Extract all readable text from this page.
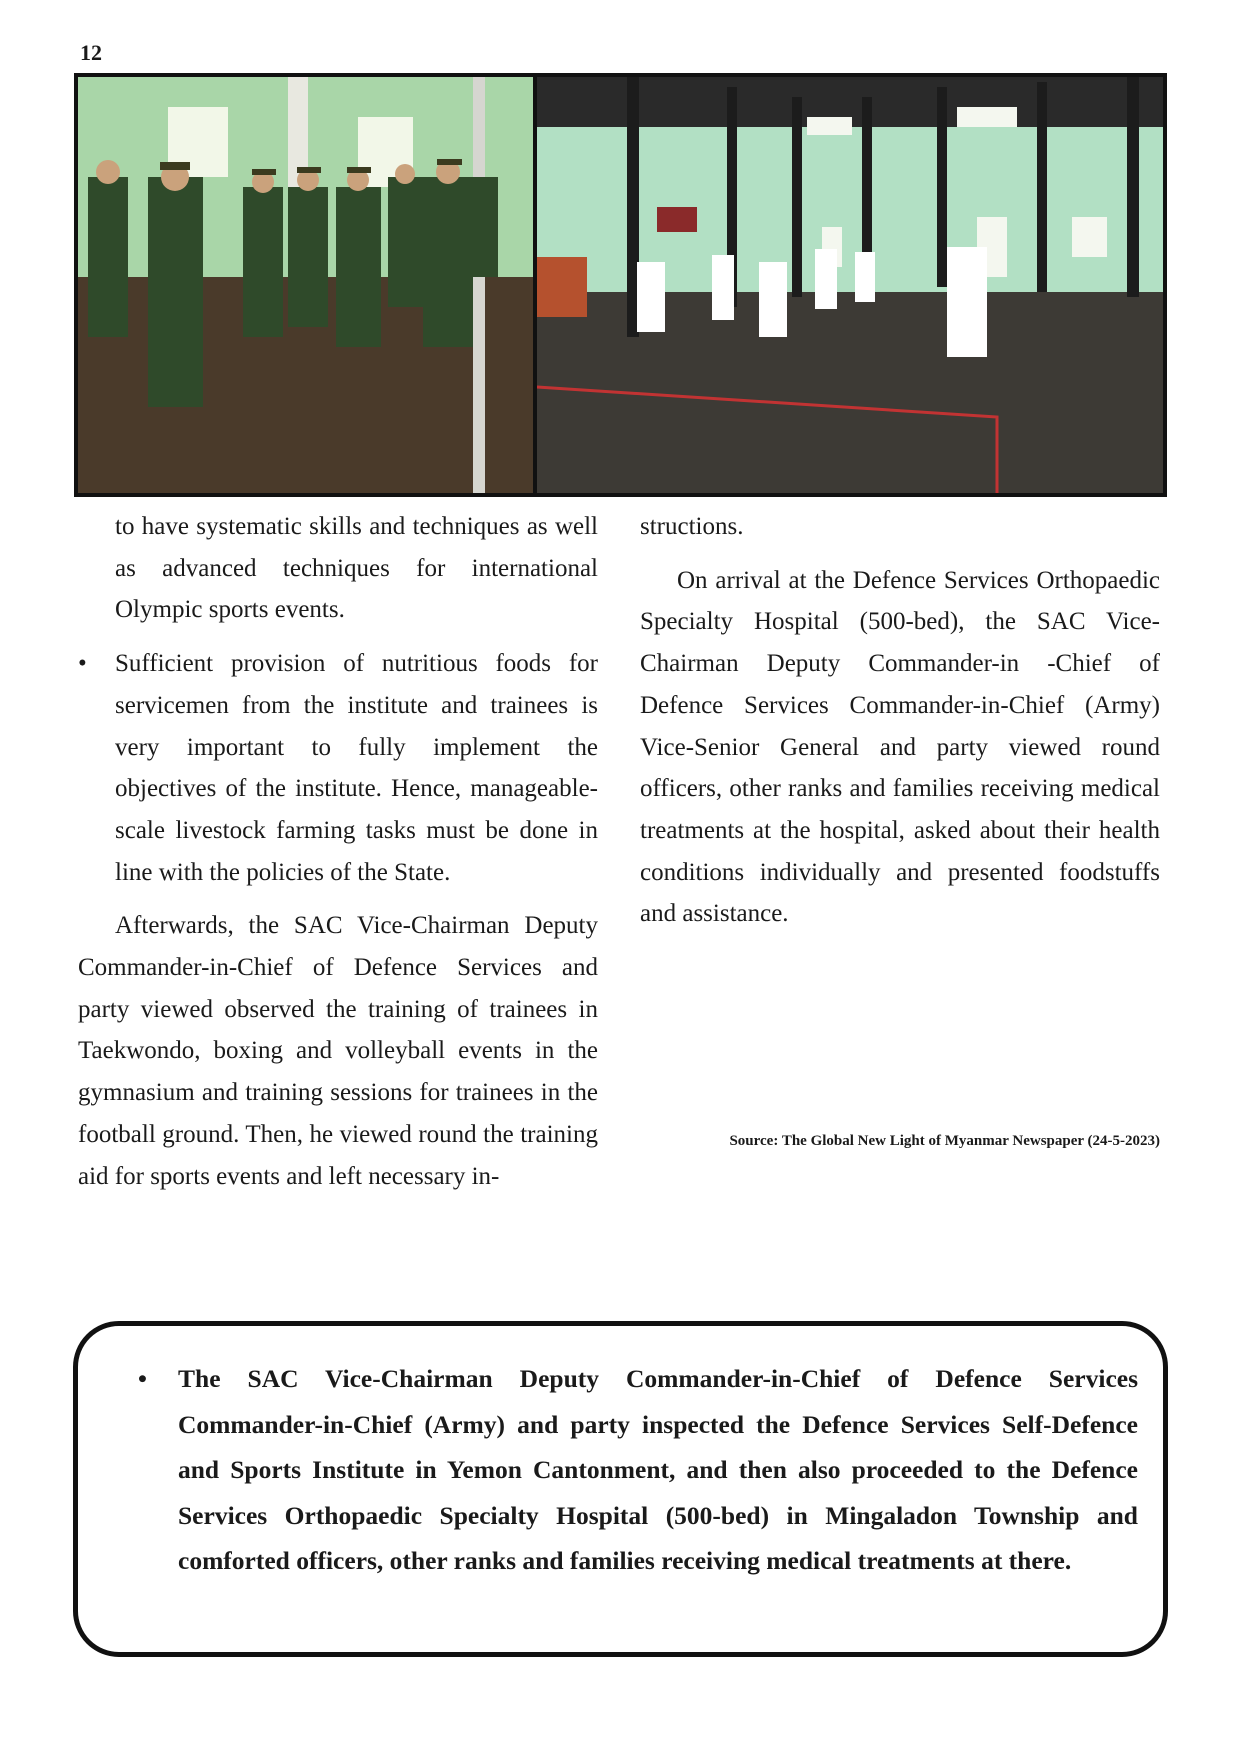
12

to have systematic skills and techniques as well as advanced techniques for international Olympic sports events.

• Sufficient provision of nutritious foods for servicemen from the institute and trainees is very important to fully implement the objectives of the institute. Hence, manageable-scale livestock farming tasks must be done in line with the policies of the State.

Afterwards, the SAC Vice-Chairman Deputy Commander-in-Chief of Defence Services and party viewed observed the training of trainees in Taekwondo, boxing and volleyball events in the gymnasium and training sessions for trainees in the football ground. Then, he viewed round the training aid for sports events and left necessary in-

structions.

On arrival at the Defence Services Orthopaedic Specialty Hospital (500-bed), the SAC Vice-Chairman Deputy Commander-in -Chief of Defence Services Commander-in-Chief (Army) Vice-Senior General and party viewed round officers, other ranks and families receiving medical treatments at the hospital, asked about their health conditions individually and presented foodstuffs and assistance.

Source: The Global New Light of Myanmar Newspaper (24-5-2023)
• The SAC Vice-Chairman Deputy Commander-in-Chief of Defence Services Commander-in-Chief (Army) and party inspected the Defence Services Self-Defence and Sports Institute in Yemon Cantonment, and then also proceeded to the Defence Services Orthopaedic Specialty Hospital (500-bed) in Mingaladon Township and comforted officers, other ranks and families receiving medical treatments at there.
